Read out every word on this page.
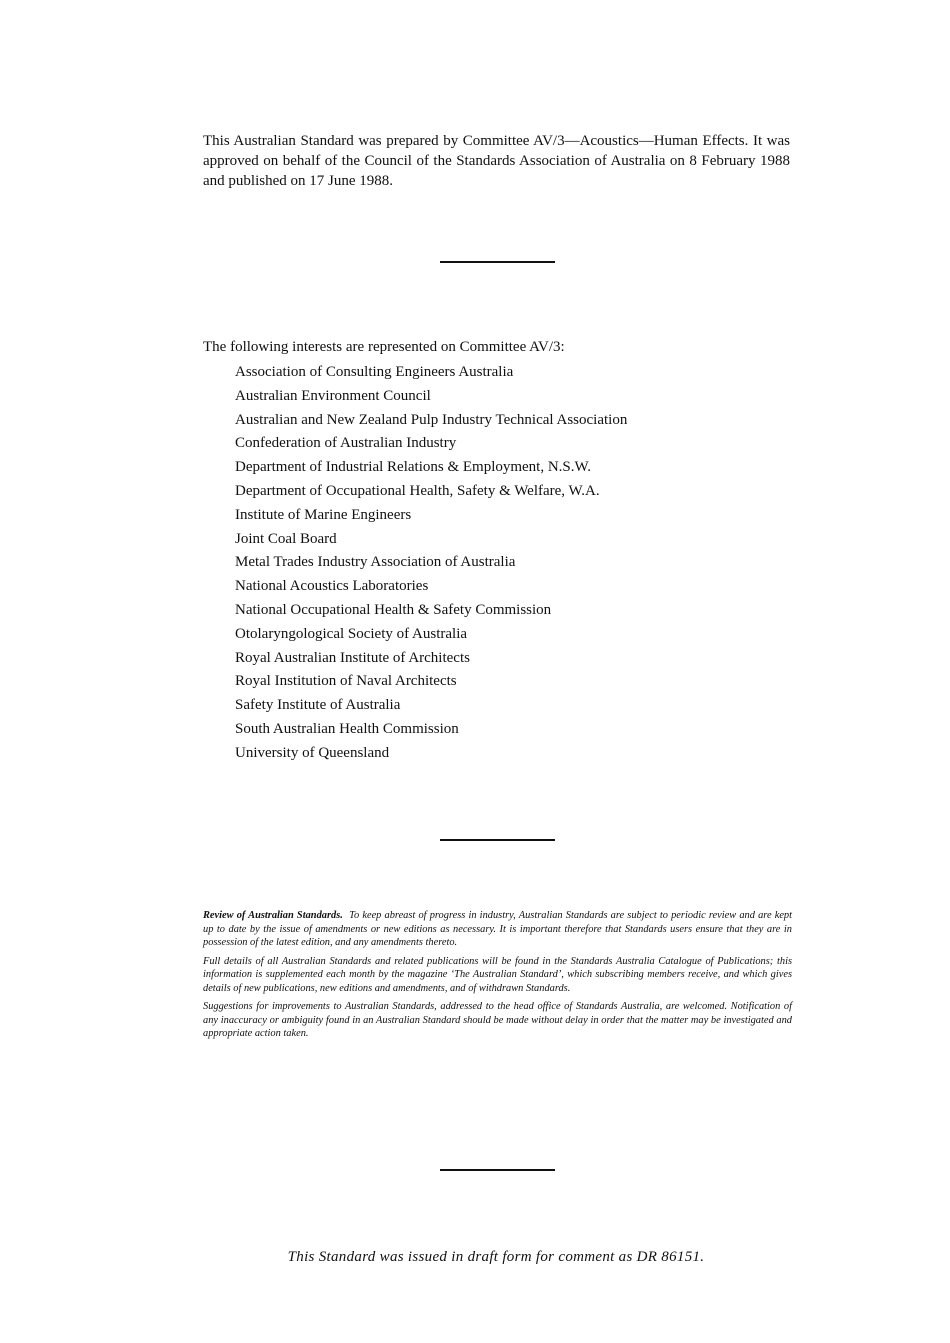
This Australian Standard was prepared by Committee AV/3—Acoustics—Human Effects. It was approved on behalf of the Council of the Standards Association of Australia on 8 February 1988 and published on 17 June 1988.

The following interests are represented on Committee AV/3:

Association of Consulting Engineers Australia
Australian Environment Council
Australian and New Zealand Pulp Industry Technical Association
Confederation of Australian Industry
Department of Industrial Relations & Employment, N.S.W.
Department of Occupational Health, Safety & Welfare, W.A.
Institute of Marine Engineers
Joint Coal Board
Metal Trades Industry Association of Australia
National Acoustics Laboratories
National Occupational Health & Safety Commission
Otolaryngological Society of Australia
Royal Australian Institute of Architects
Royal Institution of Naval Architects
Safety Institute of Australia
South Australian Health Commission
University of Queensland

Review of Australian Standards. To keep abreast of progress in industry, Australian Standards are subject to periodic review and are kept up to date by the issue of amendments or new editions as necessary. It is important therefore that Standards users ensure that they are in possession of the latest edition, and any amendments thereto.

Full details of all Australian Standards and related publications will be found in the Standards Australia Catalogue of Publications; this information is supplemented each month by the magazine ‘The Australian Standard’, which subscribing members receive, and which gives details of new publications, new editions and amendments, and of withdrawn Standards.

Suggestions for improvements to Australian Standards, addressed to the head office of Standards Australia, are welcomed. Notification of any inaccuracy or ambiguity found in an Australian Standard should be made without delay in order that the matter may be investigated and appropriate action taken.

This Standard was issued in draft form for comment as DR 86151.
